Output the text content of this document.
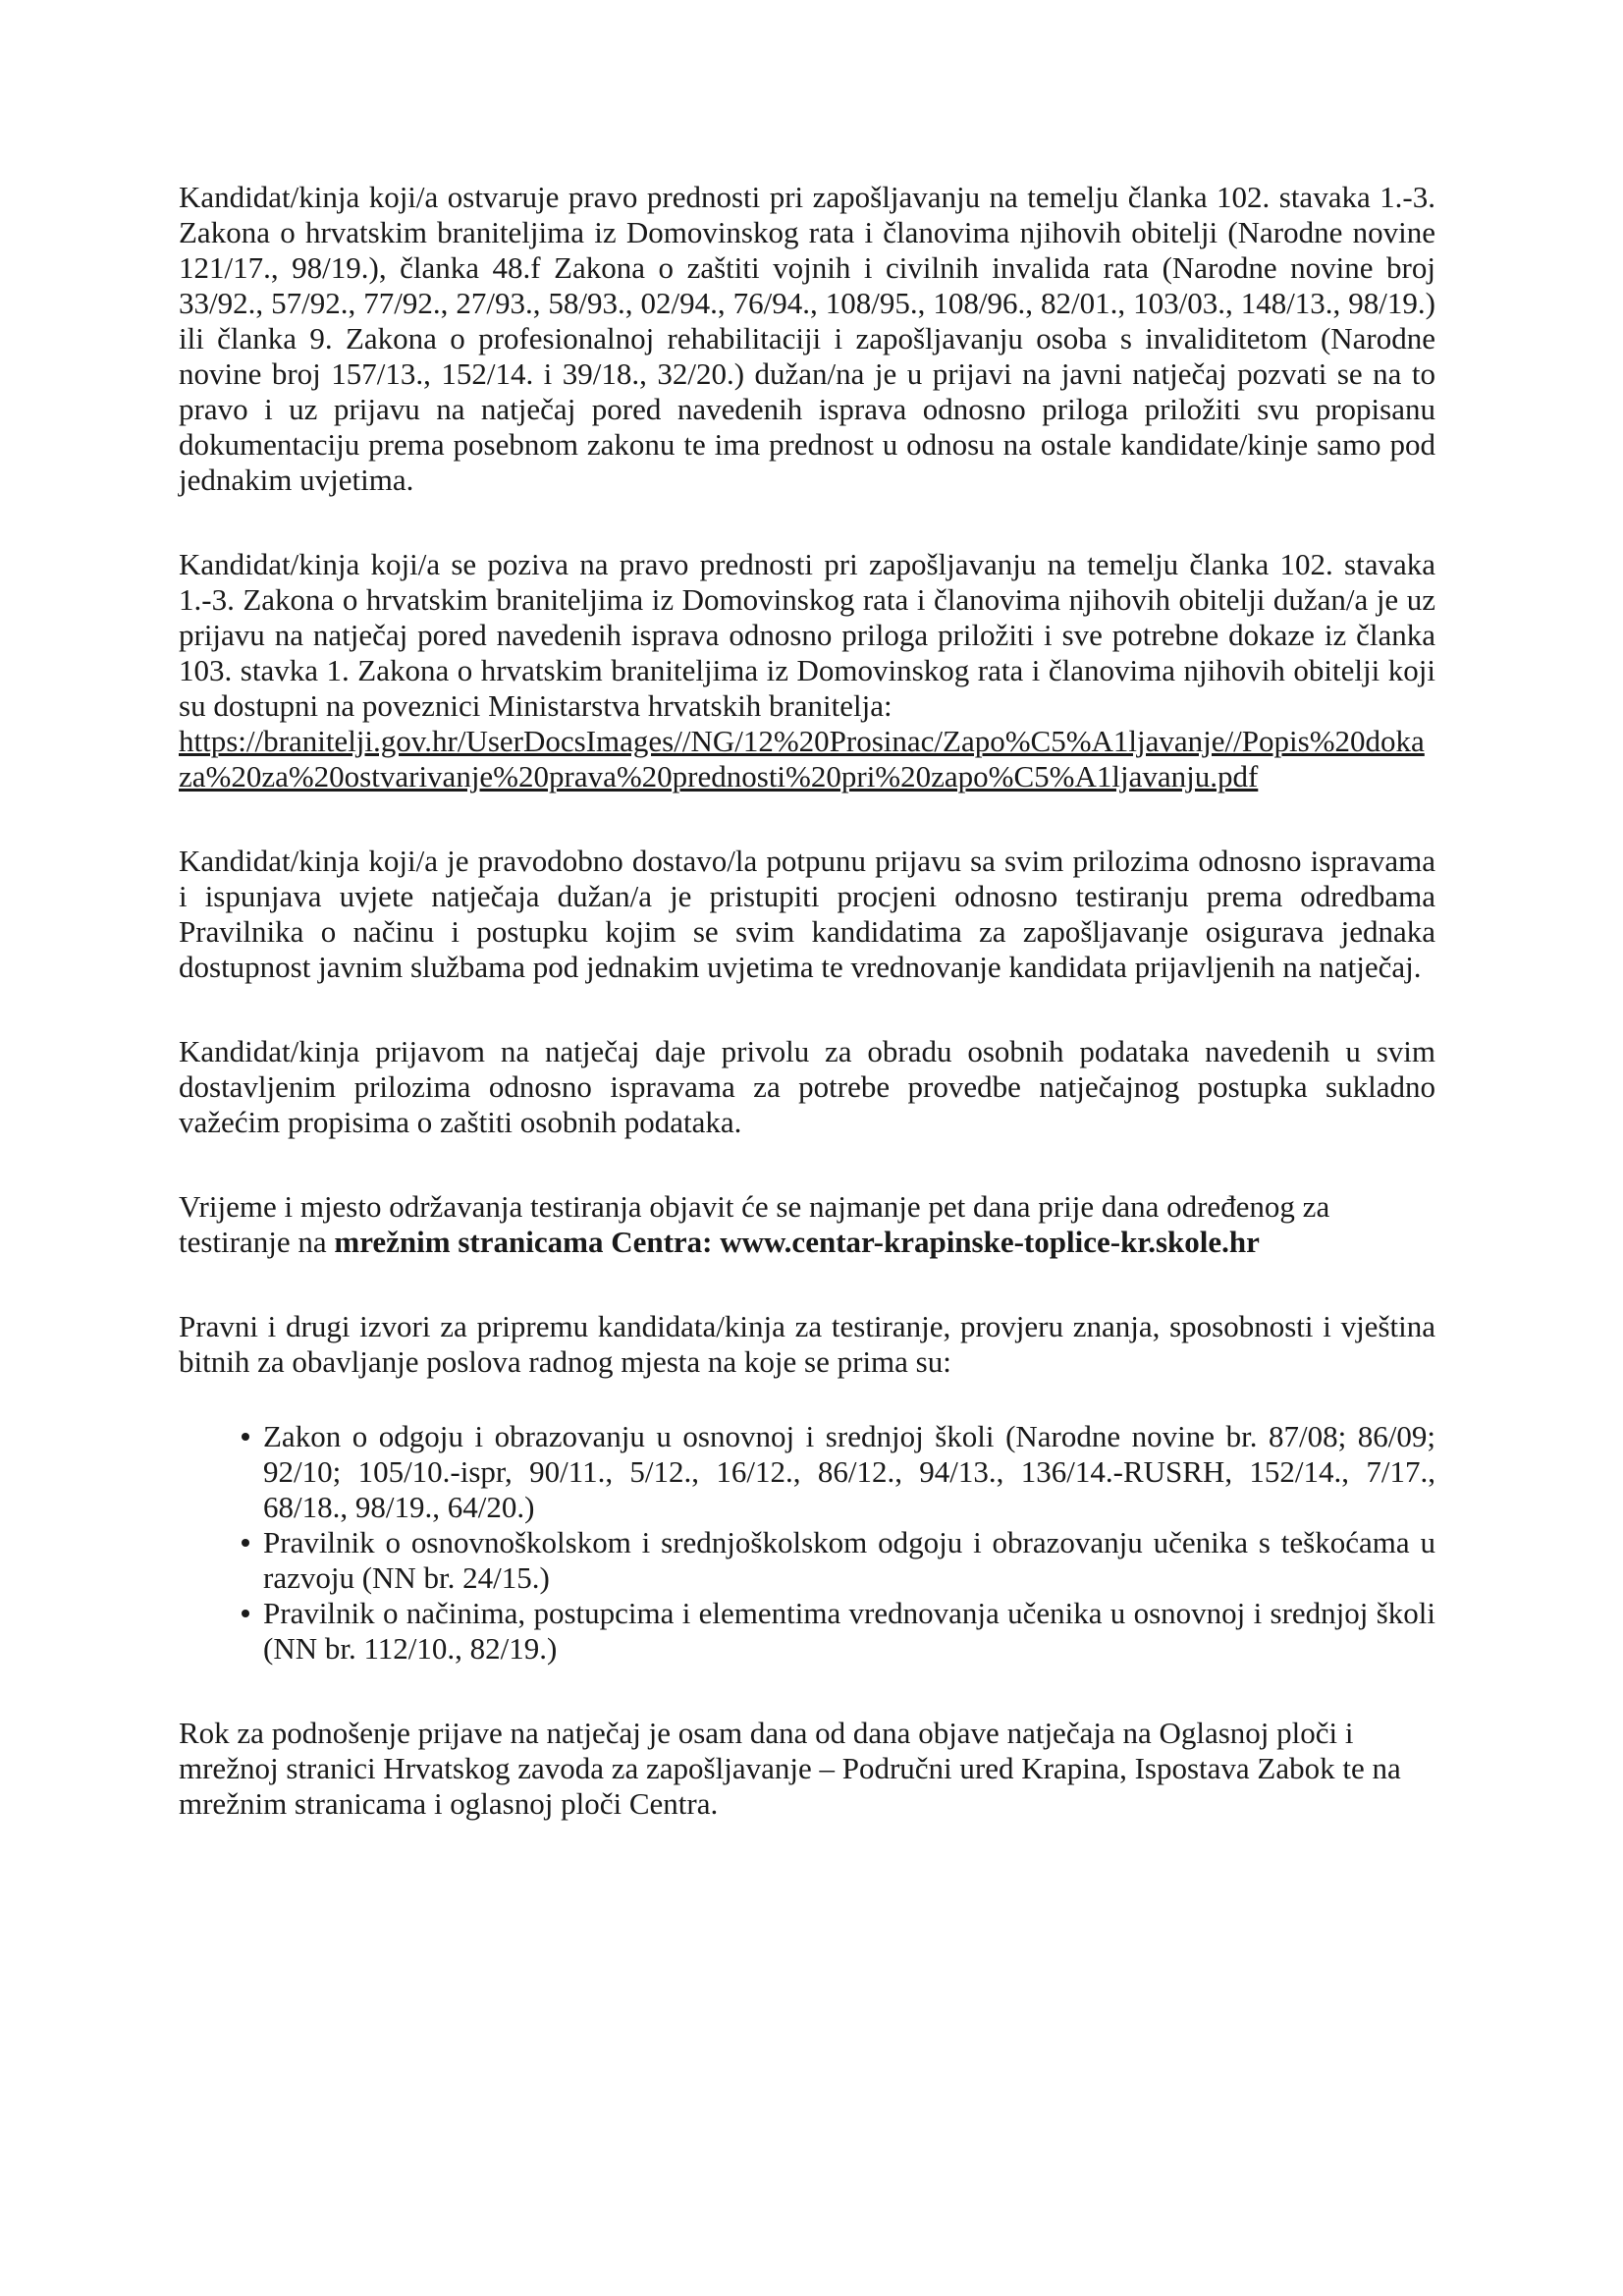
Kandidat/kinja koji/a ostvaruje pravo prednosti pri zapošljavanju na temelju članka 102. stavaka 1.-3. Zakona o hrvatskim braniteljima iz Domovinskog rata i članovima njihovih obitelji (Narodne novine 121/17., 98/19.), članka 48.f Zakona o zaštiti vojnih i civilnih invalida rata (Narodne novine broj 33/92., 57/92., 77/92., 27/93., 58/93., 02/94., 76/94., 108/95., 108/96., 82/01., 103/03., 148/13., 98/19.) ili članka 9. Zakona o profesionalnoj rehabilitaciji i zapošljavanju osoba s invaliditetom (Narodne novine broj 157/13., 152/14. i 39/18., 32/20.) dužan/na je u prijavi na javni natječaj pozvati se na to pravo i uz prijavu na natječaj pored navedenih isprava odnosno priloga priložiti svu propisanu dokumentaciju prema posebnom zakonu te ima prednost u odnosu na ostale kandidate/kinje samo pod jednakim uvjetima.

Kandidat/kinja koji/a se poziva na pravo prednosti pri zapošljavanju na temelju članka 102. stavaka 1.-3. Zakona o hrvatskim braniteljima iz Domovinskog rata i članovima njihovih obitelji dužan/a je uz prijavu na natječaj pored navedenih isprava odnosno priloga priložiti i sve potrebne dokaze iz članka 103. stavka 1. Zakona o hrvatskim braniteljima iz Domovinskog rata i članovima njihovih obitelji koji su dostupni na poveznici Ministarstva hrvatskih branitelja:
https://branitelji.gov.hr/UserDocsImages//NG/12%20Prosinac/Zapo%C5%A1ljavanje//Popis%20dokaza%20za%20ostvarivanje%20prava%20prednosti%20pri%20zapo%C5%A1ljavanju.pdf

Kandidat/kinja koji/a je pravodobno dostavo/la potpunu prijavu sa svim prilozima odnosno ispravama i ispunjava uvjete natječaja dužan/a je pristupiti procjeni odnosno testiranju prema odredbama Pravilnika o načinu i postupku kojim se svim kandidatima za zapošljavanje osigurava jednaka dostupnost javnim službama pod jednakim uvjetima te vrednovanje kandidata prijavljenih na natječaj.

Kandidat/kinja prijavom na natječaj daje privolu za obradu osobnih podataka navedenih u svim dostavljenim prilozima odnosno ispravama za potrebe provedbe natječajnog postupka sukladno važećim propisima o zaštiti osobnih podataka.

Vrijeme i mjesto održavanja testiranja objavit će se najmanje pet dana prije dana određenog za testiranje na mrežnim stranicama Centra: www.centar-krapinske-toplice-kr.skole.hr

Pravni i drugi izvori za pripremu kandidata/kinja za testiranje, provjeru znanja, sposobnosti i vještina bitnih za obavljanje poslova radnog mjesta na koje se prima su:

Zakon o odgoju i obrazovanju u osnovnoj i srednjoj školi (Narodne novine br. 87/08; 86/09; 92/10; 105/10.-ispr, 90/11., 5/12., 16/12., 86/12., 94/13., 136/14.-RUSRH, 152/14., 7/17., 68/18., 98/19., 64/20.)
Pravilnik o osnovnoškolskom i srednjoškolskom odgoju i obrazovanju učenika s teškoćama u razvoju (NN br. 24/15.)
Pravilnik o načinima, postupcima i elementima vrednovanja učenika u osnovnoj i srednjoj školi (NN br. 112/10., 82/19.)

Rok za podnošenje prijave na natječaj je osam dana od dana objave natječaja na Oglasnoj ploči i mrežnoj stranici Hrvatskog zavoda za zapošljavanje – Područni ured Krapina, Ispostava Zabok te na mrežnim stranicama i oglasnoj ploči Centra.
